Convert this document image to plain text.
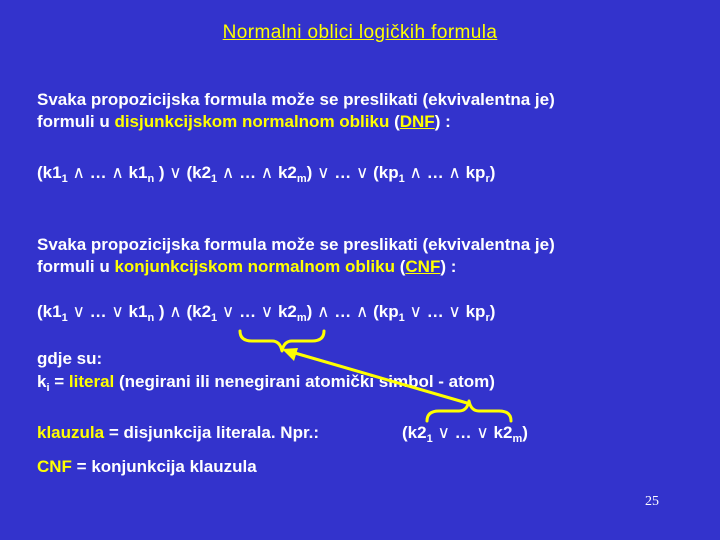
Normalni oblici logičkih formula
Svaka propozicijska formula može se preslikati (ekvivalentna je)
formuli u disjunkcijskom normalnom obliku (DNF) :
($k1_1$ ∧ … ∧ $k1_n$ ) ∨ ($k2_1$ ∧ … ∧ $k2_m$) ∨ … ∨ ($kp_1$ ∧ … ∧ $kp_r$)
Svaka propozicijska formula može se preslikati (ekvivalentna je)
formuli u konjunkcijskom normalnom obliku (CNF) :
($k1_1$ ∨ … ∨ $k1_n$ ) ∧ ($k2_1$ ∨ … ∨ $k2_m$) ∧ … ∧ ($kp_1$ ∨ … ∨ $kp_r$)
gdje su:
$k_i$ = literal (negirani ili nenegirani atomički simbol - atom)
klauzula = disjunkcija literala. Npr.:	($k2_1$ ∨ … ∨ $k2_m$)
CNF = konjunkcija klauzula
25
